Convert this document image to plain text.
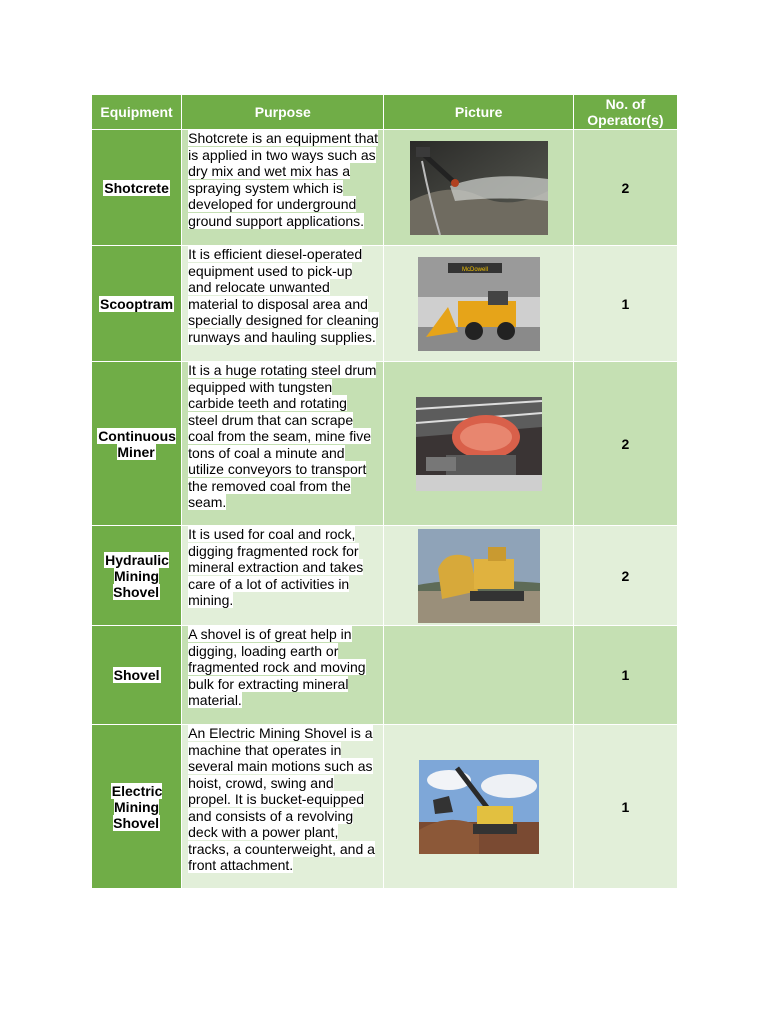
Equipment	Purpose	Picture	No. of Operator(s)
Shotcrete	Shotcrete is an equipment that is applied in two ways such as dry mix and wet mix has a spraying system which is developed for underground ground support applications.		2
Scooptram	It is efficient diesel-operated equipment used to pick-up and relocate unwanted material to disposal area and specially designed for cleaning runways and hauling supplies.	McDowell	1
Continuous Miner	It is a huge rotating steel drum equipped with tungsten carbide teeth and rotating steel drum that can scrape coal from the seam, mine five tons of coal a minute and utilize conveyors to transport the removed coal from the seam.		2
Hydraulic Mining Shovel	It is used for coal and rock, digging fragmented rock for mineral extraction and takes care of a lot of activities in mining.		2
Shovel	A shovel is of great help in digging, loading earth or fragmented rock and moving bulk for extracting mineral material.		1
Electric Mining Shovel	An Electric Mining Shovel is a machine that operates in several main motions such as hoist, crowd, swing and propel. It is bucket-equipped and consists of a revolving deck with a power plant, tracks, a counterweight, and a front attachment.		1
